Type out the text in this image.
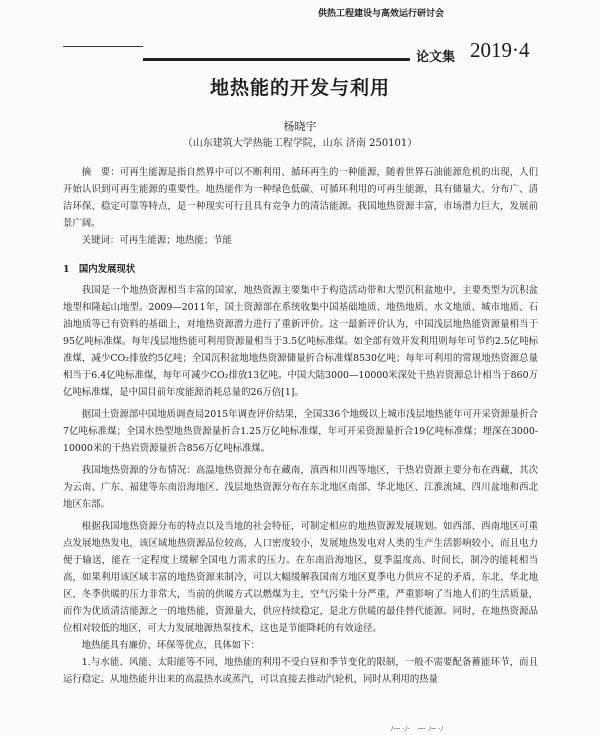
供热工程建设与高效运行研讨会
论文集 2019·4
地热能的开发与利用
杨晓宇
（山东建筑大学热能工程学院，山东 济南 250101）

摘　要：可再生能源是指自然界中可以不断利用、循环再生的一种能源，随着世界石油能源危机的出现，人们开始认识到可再生能源的重要性。地热能作为一种绿色低碳、可循环利用的可再生能源，具有储量大、分布广、清洁环保、稳定可靠等特点，是一种现实可行且具有竞争力的清洁能源。我国地热资源丰富，市场潜力巨大，发展前景广阔。

关键词：可再生能源；地热能；节能

1　国内发展现状

我国是一个地热资源相当丰富的国家，地热资源主要集中于构造活动带和大型沉积盆地中，主要类型为沉积盆地型和隆起山地型。2009—2011年，国土资源部在系统收集中国基础地质、地热地质、水文地质、城市地质、石油地质等已有资料的基础上，对地热资源潜力进行了重新评价。这一最新评价认为，中国浅层地热能资源量相当于95亿吨标准煤。每年浅层地热能可利用资源量相当于3.5亿吨标准煤。如全部有效开发利用则每年可节约2.5亿吨标准煤，减少CO₂排放约5亿吨；全国沉积盆地地热资源储量折合标准煤8530亿吨；每年可利用的常规地热资源总量相当于6.4亿吨标准煤，每年可减少CO₂排放13亿吨。中国大陆3000—10000米深处干热岩资源总计相当于860万亿吨标准煤，是中国目前年度能源消耗总量的26万倍[1]。

据国土资源部中国地质调查局2015年调查评价结果，全国336个地级以上城市浅层地热能年可开采资源量折合7亿吨标准煤；全国水热型地热资源量折合1.25万亿吨标准煤，年可开采资源量折合19亿吨标准煤；埋深在3000-10000米的干热岩资源量折合856万亿吨标准煤。

我国地热资源的分布情况：高温地热资源分布在藏南，滇西和川西等地区，干热岩资源主要分布在西藏，其次为云南、广东、福建等东南沿海地区、浅层地热资源分布在东北地区南部、华北地区、江淮流域、四川盆地和西北地区东部。

根据我国地热资源分布的特点以及当地的社会特征，可制定相应的地热资源发展规划。如西部、西南地区可重点发展地热发电，该区域地热资源品位较高，人口密度较小，发展地热发电对人类的生产生活影响较小，而且电力便于输送，能在一定程度上缓解全国电力需求的压力。在东南沿海地区，夏季温度高、时间长，制冷的能耗相当高，如果利用该区域丰富的地热资源来制冷，可以大幅缓解我国南方地区夏季电力供应不足的矛盾，东北、华北地区，冬季供暖的压力非常大，当前的供暖方式以燃煤为主，空气污染十分严重，严重影响了当地人们的生活质量，而作为优质清洁能源之一的地热能，资源量大，供应持续稳定，是北方供暖的最佳替代能源。同时，在地热资源品位相对较低的地区，可大力发展地源热泵技术，这也是节能降耗的有效途径。

地热能具有廉价、环保等优点，具体如下：

1.与水能、风能、太阳能等不同，地热能的利用不受白昼和季节变化的限制，一般不需要配备蓄能环节，而且运行稳定。从地热能井出来的高温热水或蒸汽，可以直接去推动汽轮机，同时从利用的热量

ﾉ·─ ·ﾉ·　·─· ﾉ─ ·ﾉ
